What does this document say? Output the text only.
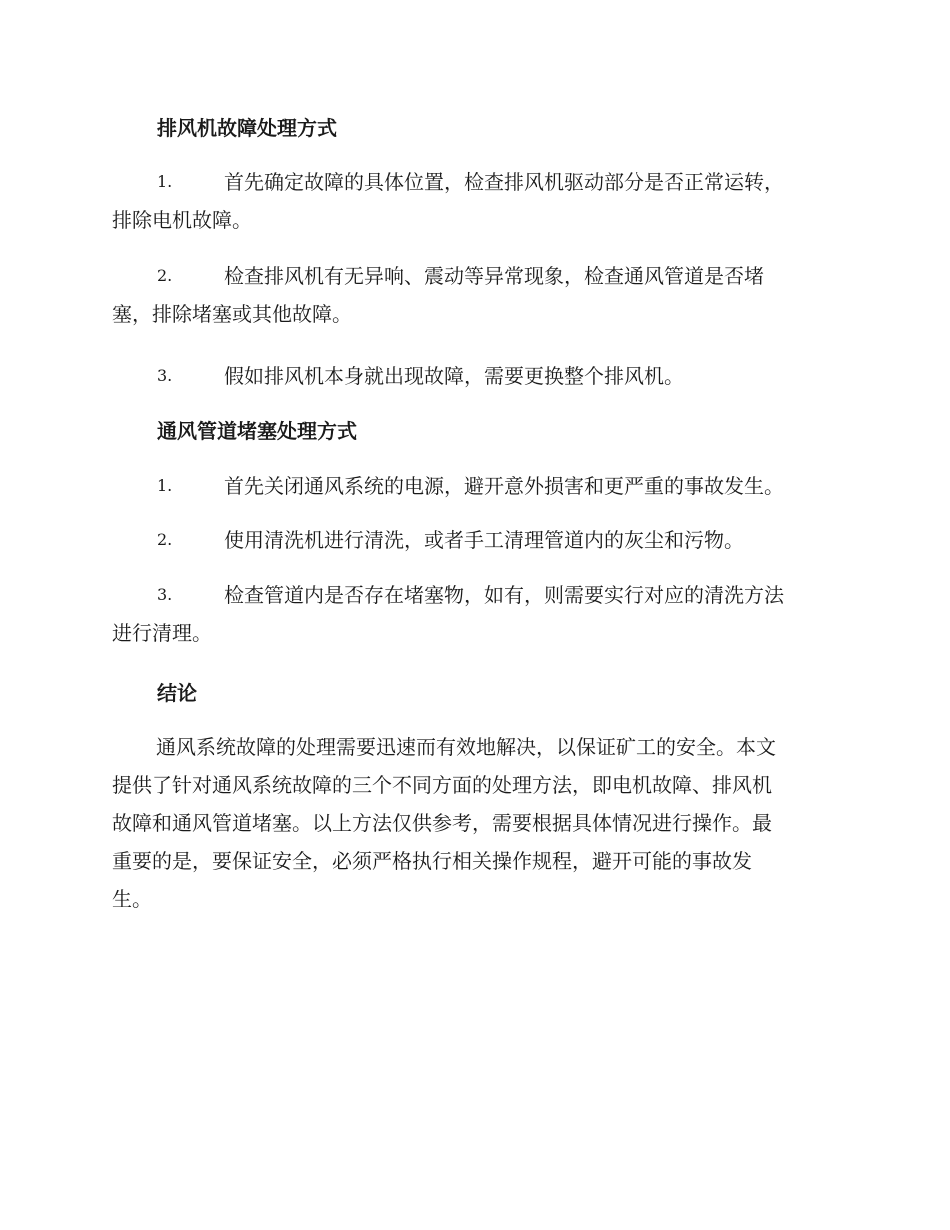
排风机故障处理方式
1.	首先确定故障的具体位置，检查排风机驱动部分是否正常运转，
排除电机故障。
2.	检查排风机有无异响、震动等异常现象，检查通风管道是否堵
塞，排除堵塞或其他故障。
3.	假如排风机本身就出现故障，需要更换整个排风机。
通风管道堵塞处理方式
1.	首先关闭通风系统的电源，避开意外损害和更严重的事故发生。
2.	使用清洗机进行清洗，或者手工清理管道内的灰尘和污物。
3.	检查管道内是否存在堵塞物，如有，则需要实行对应的清洗方法
进行清理。
结论
通风系统故障的处理需要迅速而有效地解决，以保证矿工的安全。本文
提供了针对通风系统故障的三个不同方面的处理方法，即电机故障、排风机
故障和通风管道堵塞。以上方法仅供参考，需要根据具体情况进行操作。最
重要的是，要保证安全，必须严格执行相关操作规程，避开可能的事故发
生。
